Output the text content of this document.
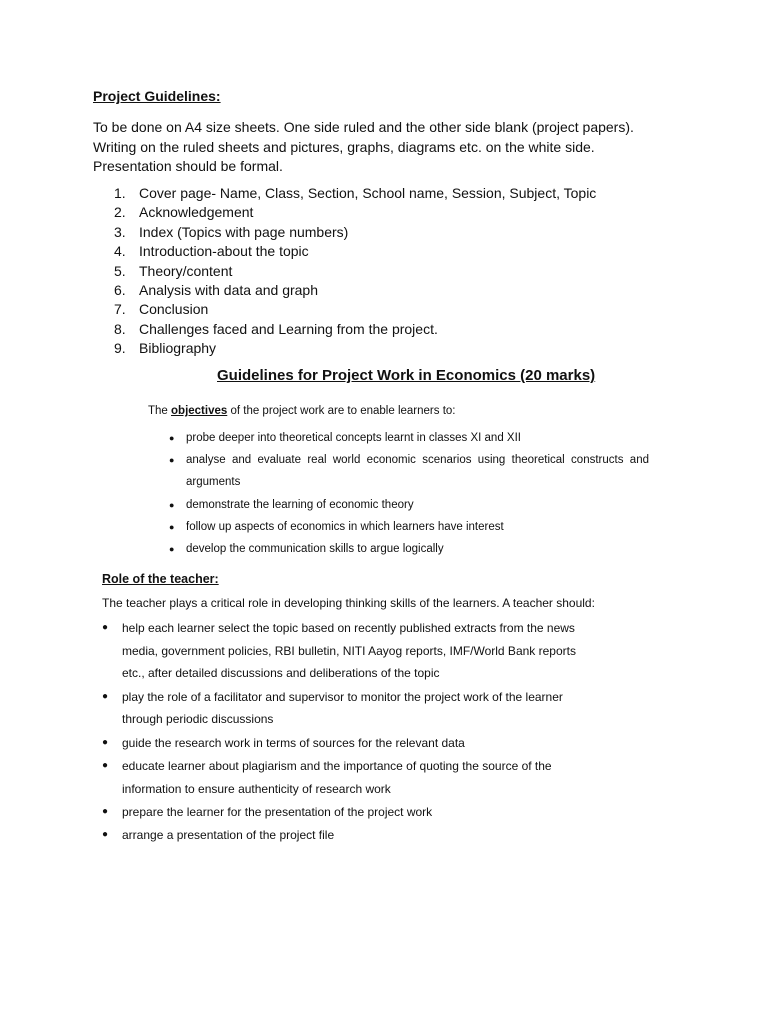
Project Guidelines:

To be done on A4 size sheets. One side ruled and the other side blank (project papers).
Writing on the ruled sheets and pictures, graphs, diagrams etc. on the white side.
Presentation should be formal.

1. Cover page- Name, Class, Section, School name, Session, Subject, Topic
2. Acknowledgement
3. Index (Topics with page numbers)
4. Introduction-about the topic
5. Theory/content
6. Analysis with data and graph
7. Conclusion
8. Challenges faced and Learning from the project.
9. Bibliography
Guidelines for Project Work in Economics (20 marks)

The objectives of the project work are to enable learners to:

●	probe deeper into theoretical concepts learnt in classes XI and XII
●	analyse and evaluate real world economic scenarios using theoretical constructs and arguments
●	demonstrate the learning of economic theory
●	follow up aspects of economics in which learners have interest
●	develop the communication skills to argue logically
Role of the teacher:

The teacher plays a critical role in developing thinking skills of the learners. A teacher should:

●	help each learner select the topic based on recently published extracts from the news
media, government policies, RBI bulletin, NITI Aayog reports, IMF/World Bank reports
etc., after detailed discussions and deliberations of the topic
●	play the role of a facilitator and supervisor to monitor the project work of the learner
through periodic discussions
●	guide the research work in terms of sources for the relevant data
●	educate learner about plagiarism and the importance of quoting the source of the
information to ensure authenticity of research work
●	prepare the learner for the presentation of the project work
●	arrange a presentation of the project file
